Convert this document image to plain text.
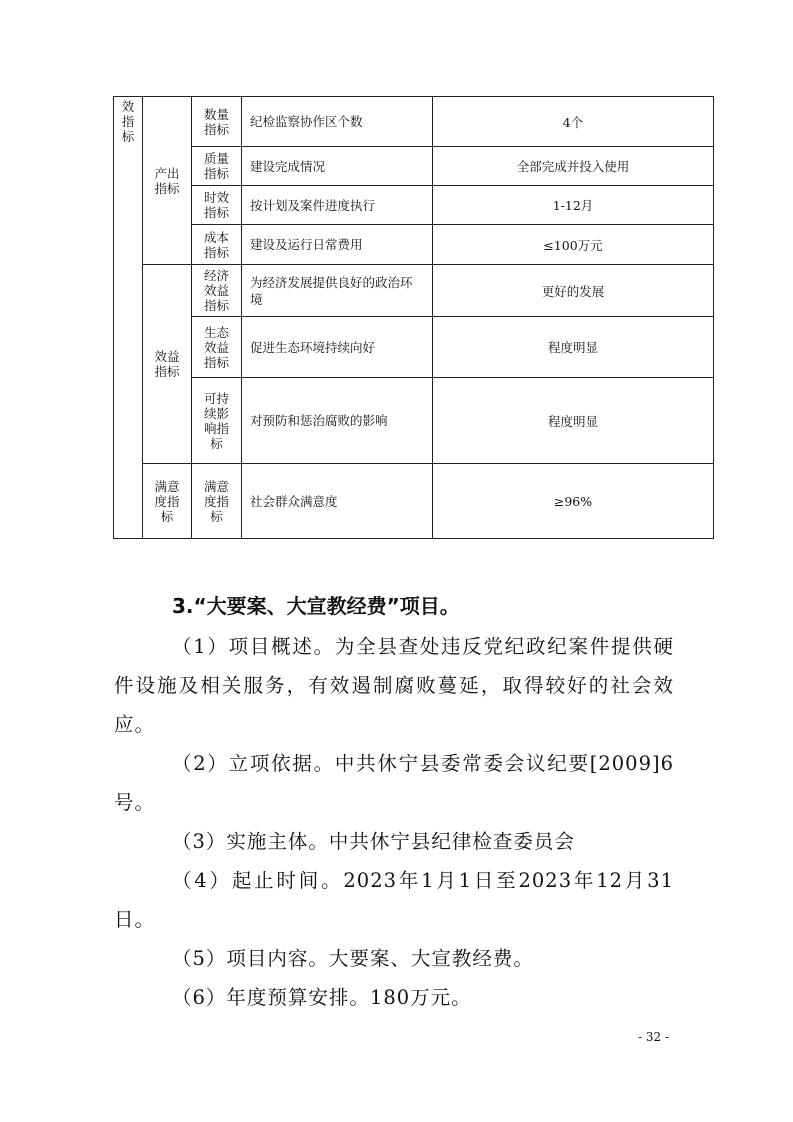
效指标	产出指标	数量指标	纪检监察协作区个数	4个

		质量指标	建设完成情况	全部完成并投入使用

		时效指标	按计划及案件进度执行	1-12月

		成本指标	建设及运行日常费用	≤100万元

	效益指标	经济效益指标	为经济发展提供良好的政治环境	更好的发展

		生态效益指标	促进生态环境持续向好	程度明显

		可持续影响指标	对预防和惩治腐败的影响	程度明显

	满意度指标	满意度指标	社会群众满意度	≥96%
3.“大要案、大宣教经费”项目。

（1）项目概述。为全县查处违反党纪政纪案件提供硬件设施及相关服务，有效遏制腐败蔓延，取得较好的社会效应。

（2）立项依据。中共休宁县委常委会议纪要[2009]6号。

（3）实施主体。中共休宁县纪律检查委员会

（4）起止时间。2023年1月1日至2023年12月31日。

（5）项目内容。大要案、大宣教经费。

（6）年度预算安排。180万元。

- 32 -
